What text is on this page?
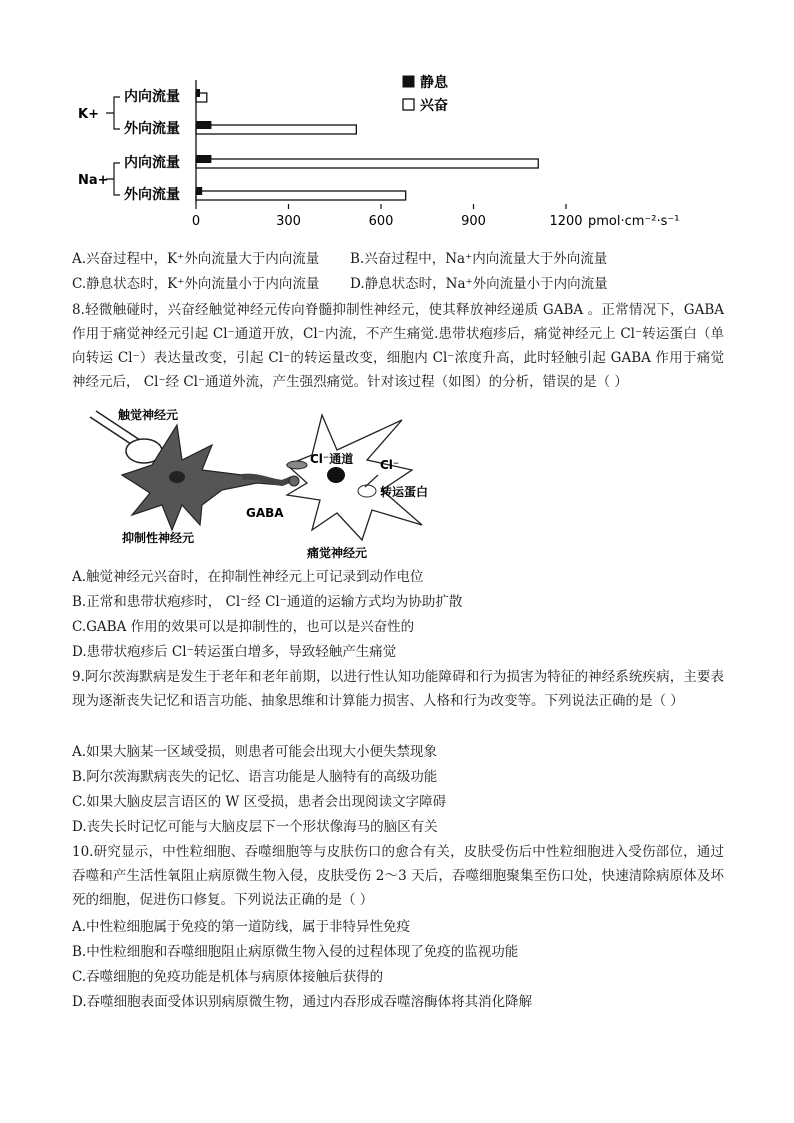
内向流量
外向流量
内向流量
外向流量
0	300	600	900	1200 pmol·cm⁻²·s⁻¹
静息
兴奋
K+
Na+
A.兴奋过程中，K⁺外向流量大于内向流量 B.兴奋过程中，Na⁺内向流量大于外向流量
C.静息状态时，K⁺外向流量小于内向流量 D.静息状态时，Na⁺外向流量小于内向流量
8.轻微触碰时，兴奋经触觉神经元传向脊髓抑制性神经元，使其释放神经递质 GABA 。正常情况下，GABA作用于痛觉神经元引起 Cl⁻通道开放，Cl⁻内流，不产生痛觉.患带状疱疹后，痛觉神经元上 Cl⁻转运蛋白（单向转运 Cl⁻）表达量改变，引起 Cl⁻的转运量改变，细胞内 Cl⁻浓度升高，此时轻触引起 GABA 作用于痛觉神经元后， Cl⁻经 Cl⁻通道外流，产生强烈痛觉。针对该过程（如图）的分析，错误的是（ ）
触觉神经元
Cl⁻通道 Cl⁻
转运蛋白
GABA
抑制性神经元
痛觉神经元
A.触觉神经元兴奋时，在抑制性神经元上可记录到动作电位
B.正常和患带状疱疹时， Cl⁻经 Cl⁻通道的运输方式均为协助扩散
C.GABA 作用的效果可以是抑制性的，也可以是兴奋性的
D.患带状疱疹后 Cl⁻转运蛋白增多，导致轻触产生痛觉
9.阿尔茨海默病是发生于老年和老年前期，以进行性认知功能障碍和行为损害为特征的神经系统疾病，主要表现为逐渐丧失记忆和语言功能、抽象思维和计算能力损害、人格和行为改变等。下列说法正确的是（ ）
A.如果大脑某一区域受损，则患者可能会出现大小便失禁现象
B.阿尔茨海默病丧失的记忆、语言功能是人脑特有的高级功能
C.如果大脑皮层言语区的 W 区受损，患者会出现阅读文字障碍
D.丧失长时记忆可能与大脑皮层下一个形状像海马的脑区有关
10.研究显示，中性粒细胞、吞噬细胞等与皮肤伤口的愈合有关，皮肤受伤后中性粒细胞进入受伤部位，通过吞噬和产生活性氧阻止病原微生物入侵，皮肤受伤 2～3 天后，吞噬细胞聚集至伤口处，快速清除病原体及坏死的细胞，促进伤口修复。下列说法正确的是（ ）
A.中性粒细胞属于免疫的第一道防线，属于非特异性免疫
B.中性粒细胞和吞噬细胞阻止病原微生物入侵的过程体现了免疫的监视功能
C.吞噬细胞的免疫功能是机体与病原体接触后获得的
D.吞噬细胞表面受体识别病原微生物，通过内吞形成吞噬溶酶体将其消化降解
